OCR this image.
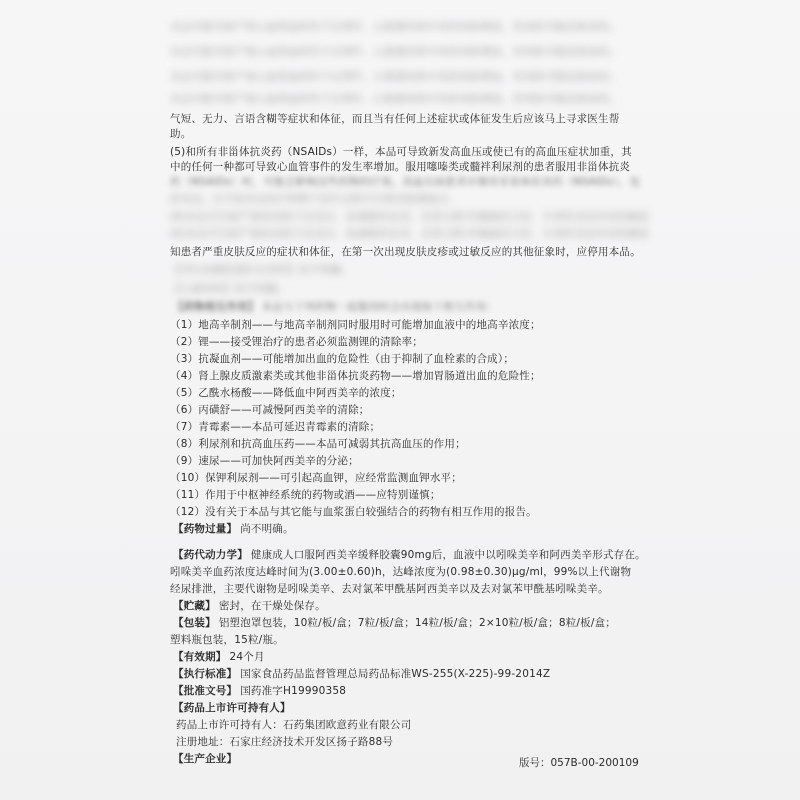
本品可能导致严重心血管血栓性不良事件、心肌梗死和中风的风险增加，其风险可能是致命的。
本品可能导致严重心血管血栓性不良事件、心肌梗死和中风的风险增加，其风险可能是致命的。
本品可能导致严重心血管血栓性不良事件、心肌梗死和中风的风险增加，其风险可能是致命的。
本品可能导致严重心血管血栓性不良事件、心肌梗死和中风的风险增加，其风险可能是致命的。
气短、无力、言语含糊等症状和体征，而且当有任何上述症状或体征发生后应该马上寻求医生帮
助。
(5)和所有非甾体抗炎药（NSAIDs）一样，本品可导致新发高血压或使已有的高血压症状加重，其
中的任何一种都可导致心血管事件的发生率增加。服用噻嗪类或髓袢利尿剂的患者服用非甾体抗炎
药（NSAIDs）时，可能会影响这些药物的疗效。高血压病患者应慎用非甾体抗炎药（NSAIDs），包
括本品。在开始本品治疗和整个治疗过程中应密切监测血压。
(6)本品可引起严重的皮肤不良反应，如剥脱性皮炎、史蒂文斯-约翰逊综合征、中毒性表皮坏死松解症
(6)本品可引起严重的皮肤不良反应，如剥脱性皮炎、史蒂文斯-约翰逊综合征、中毒性表皮坏死松解症
知患者严重皮肤反应的症状和体征，在第一次出现皮肤皮疹或过敏反应的其他征象时，应停用本品。
【孕妇及哺乳期妇女用药】尚不明确。
【儿童用药】尚不明确。
【药物相互作用】 本品与下列药物一起服用时会出现如下相互作用：
（1）地高辛制剂——与地高辛制剂同时服用时可能增加血液中的地高辛浓度；
（2）锂——接受锂治疗的患者必须监测锂的清除率；
（3）抗凝血剂——可能增加出血的危险性（由于抑制了血栓素的合成）；
（4）肾上腺皮质激素类或其他非甾体抗炎药物——增加胃肠道出血的危险性；
（5）乙酰水杨酸——降低血中阿西美辛的浓度；
（6）丙磺舒——可减慢阿西美辛的清除；
（7）青霉素——本品可延迟青霉素的清除；
（8）利尿剂和抗高血压药——本品可减弱其抗高血压的作用；
（9）速尿——可加快阿西美辛的分泌；
（10）保钾利尿剂——可引起高血钾，应经常监测血钾水平；
（11）作用于中枢神经系统的药物或酒——应特别谨慎；
（12）没有关于本品与其它能与血浆蛋白较强结合的药物有相互作用的报告。
【药物过量】 尚不明确。
【药代动力学】 健康成人口服阿西美辛缓释胶囊90mg后，血液中以吲哚美辛和阿西美辛形式存在。
吲哚美辛血药浓度达峰时间为(3.00±0.60)h，达峰浓度为(0.98±0.30)μg/ml，99%以上代谢物
经尿排泄，主要代谢物是吲哚美辛、去对氯苯甲酰基阿西美辛以及去对氯苯甲酰基吲哚美辛。
【贮藏】 密封，在干燥处保存。
【包装】 铝塑泡罩包装，10粒/板/盒；7粒/板/盒；14粒/板/盒；2×10粒/板/盒；8粒/板/盒；
塑料瓶包装，15粒/瓶。
【有效期】 24个月
【执行标准】 国家食品药品监督管理总局药品标准WS-255(X-225)-99-2014Z
【批准文号】 国药准字H19990358
【药品上市许可持有人】
药品上市许可持有人：石药集团欧意药业有限公司
注册地址：石家庄经济技术开发区扬子路88号
【生产企业】	版号：057B-00-200109
